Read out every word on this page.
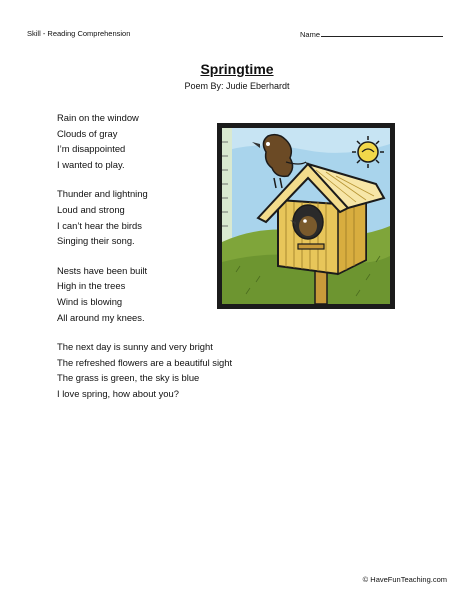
Skill - Reading Comprehension	Name
Springtime
Poem By: Judie Eberhardt
Rain on the window
Clouds of gray
I’m disappointed
I wanted to play.
Thunder and lightning
Loud and strong
I can’t hear the birds
Singing their song.
Nests have been built
High in the trees
Wind is blowing
All around my knees.
The next day is sunny and very bright
The refreshed flowers are a beautiful sight
The grass is green, the sky is blue
I love spring, how about you?
© HaveFunTeaching.com
